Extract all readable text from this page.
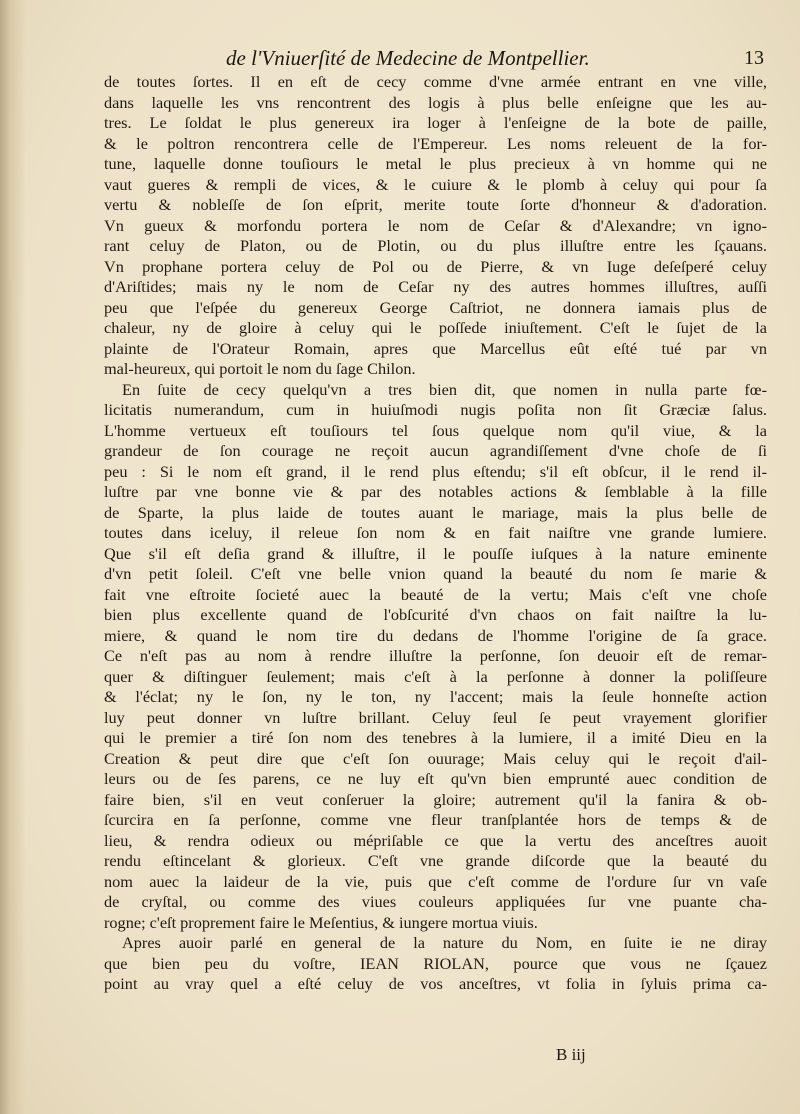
de l'Vniuerſité de Medecine de Montpellier.	13
de toutes ſortes. Il en eſt de cecy comme d'vne armée entrant en vne ville,
dans laquelle les vns rencontrent des logis à plus belle enſeigne que les au-
tres. Le ſoldat le plus genereux ira loger à l'enſeigne de la bote de paille,
& le poltron rencontrera celle de l'Empereur. Les noms releuent de la for-
tune, laquelle donne touſiours le metal le plus precieux à vn homme qui ne
vaut gueres & rempli de vices, & le cuiure & le plomb à celuy qui pour ſa
vertu & nobleſſe de ſon eſprit, merite toute ſorte d'honneur & d'adoration.
Vn gueux & morfondu portera le nom de Ceſar & d'Alexandre; vn igno-
rant celuy de Platon, ou de Plotin, ou du plus illuſtre entre les ſçauans.
Vn prophane portera celuy de Pol ou de Pierre, & vn Iuge deſeſperé celuy
d'Ariſtides; mais ny le nom de Ceſar ny des autres hommes illuſtres, auſſi
peu que l'eſpée du genereux George Caſtriot, ne donnera iamais plus de
chaleur, ny de gloire à celuy qui le poſſede iniuſtement. C'eſt le ſujet de la
plainte de l'Orateur Romain, apres que Marcellus eût eſté tué par vn
mal-heureux, qui portoit le nom du ſage Chilon.
En ſuite de cecy quelqu'vn a tres bien dit, que nomen in nulla parte fœ-
licitatis numerandum, cum in huiuſmodi nugis poſita non ſit Græciæ ſalus.
L'homme vertueux eſt touſiours tel ſous quelque nom qu'il viue, & la
grandeur de ſon courage ne reçoit aucun agrandiſſement d'vne choſe de ſi
peu : Si le nom eſt grand, il le rend plus eſtendu; s'il eſt obſcur, il le rend il-
luſtre par vne bonne vie & par des notables actions & ſemblable à la fille
de Sparte, la plus laide de toutes auant le mariage, mais la plus belle de
toutes dans iceluy, il releue ſon nom & en fait naiſtre vne grande lumiere.
Que s'il eſt deſia grand & illuſtre, il le pouſſe iuſques à la nature eminente
d'vn petit ſoleil. C'eſt vne belle vnion quand la beauté du nom ſe marie &
fait vne eſtroite ſocieté auec la beauté de la vertu; Mais c'eſt vne choſe
bien plus excellente quand de l'obſcurité d'vn chaos on fait naiſtre la lu-
miere, & quand le nom tire du dedans de l'homme l'origine de ſa grace.
Ce n'eſt pas au nom à rendre illuſtre la perſonne, ſon deuoir eſt de remar-
quer & diſtinguer ſeulement; mais c'eſt à la perſonne à donner la poliſſeure
& l'éclat; ny le ſon, ny le ton, ny l'accent; mais la ſeule honneſte action
luy peut donner vn luſtre brillant. Celuy ſeul ſe peut vrayement glorifier
qui le premier a tiré ſon nom des tenebres à la lumiere, il a imité Dieu en la
Creation & peut dire que c'eſt ſon ouurage; Mais celuy qui le reçoit d'ail-
leurs ou de ſes parens, ce ne luy eſt qu'vn bien emprunté auec condition de
faire bien, s'il en veut conſeruer la gloire; autrement qu'il la fanira & ob-
ſcurcira en ſa perſonne, comme vne fleur tranſplantée hors de temps & de
lieu, & rendra odieux ou mépriſable ce que la vertu des anceſtres auoit
rendu eſtincelant & glorieux. C'eſt vne grande diſcorde que la beauté du
nom auec la laideur de la vie, puis que c'eſt comme de l'ordure ſur vn vaſe
de cryſtal, ou comme des viues couleurs appliquées ſur vne puante cha-
rogne; c'eſt proprement faire le Meſentius, & iungere mortua viuis.
Apres auoir parlé en general de la nature du Nom, en ſuite ie ne diray
que bien peu du voſtre, IEAN RIOLAN, pource que vous ne ſçauez
point au vray quel a eſté celuy de vos anceſtres, vt folia in ſyluis prima ca-
B iij
